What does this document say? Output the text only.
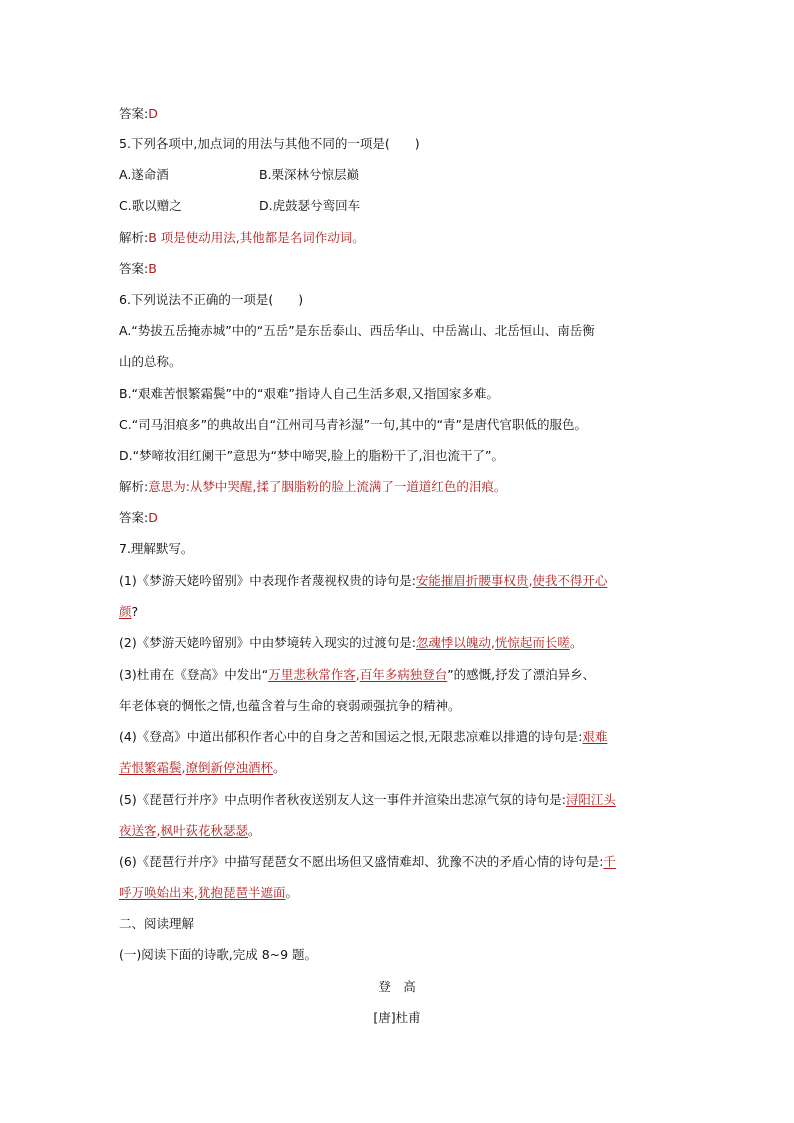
答案:D
5.下列各项中,加点词的用法与其他不同的一项是(　　)
A.遂命酒	B.栗深林兮惊层巅
C.歌以赠之	D.虎鼓瑟兮鸾回车
解析:B 项是使动用法,其他都是名词作动词。
答案:B
6.下列说法不正确的一项是(　　)
A.“势拔五岳掩赤城”中的“五岳”是东岳泰山、西岳华山、中岳嵩山、北岳恒山、南岳衡
山的总称。
B.“艰难苦恨繁霜鬓”中的“艰难”指诗人自己生活多艰,又指国家多难。
C.“司马泪痕多”的典故出自“江州司马青衫湿”一句,其中的“青”是唐代官职低的服色。
D.“梦啼妆泪红阑干”意思为“梦中啼哭,脸上的脂粉干了,泪也流干了”。
解析:意思为:从梦中哭醒,揉了胭脂粉的脸上流满了一道道红色的泪痕。
答案:D
7.理解默写。
(1)《梦游天姥吟留别》中表现作者蔑视权贵的诗句是:安能摧眉折腰事权贵,使我不得开心
颜?
(2)《梦游天姥吟留别》中由梦境转入现实的过渡句是:忽魂悸以魄动,恍惊起而长嗟。
(3)杜甫在《登高》中发出“万里悲秋常作客,百年多病独登台”的感慨,抒发了漂泊异乡、
年老体衰的惆怅之情,也蕴含着与生命的衰弱顽强抗争的精神。
(4)《登高》中道出郁积作者心中的自身之苦和国运之恨,无限悲凉难以排遣的诗句是:艰难
苦恨繁霜鬓,潦倒新停浊酒杯。
(5)《琵琶行并序》中点明作者秋夜送别友人这一事件并渲染出悲凉气氛的诗句是:浔阳江头
夜送客,枫叶荻花秋瑟瑟。
(6)《琵琶行并序》中描写琵琶女不愿出场但又盛情难却、犹豫不决的矛盾心情的诗句是:千
呼万唤始出来,犹抱琵琶半遮面。
二、阅读理解
(一)阅读下面的诗歌,完成 8~9 题。
登　高
[唐]杜甫
